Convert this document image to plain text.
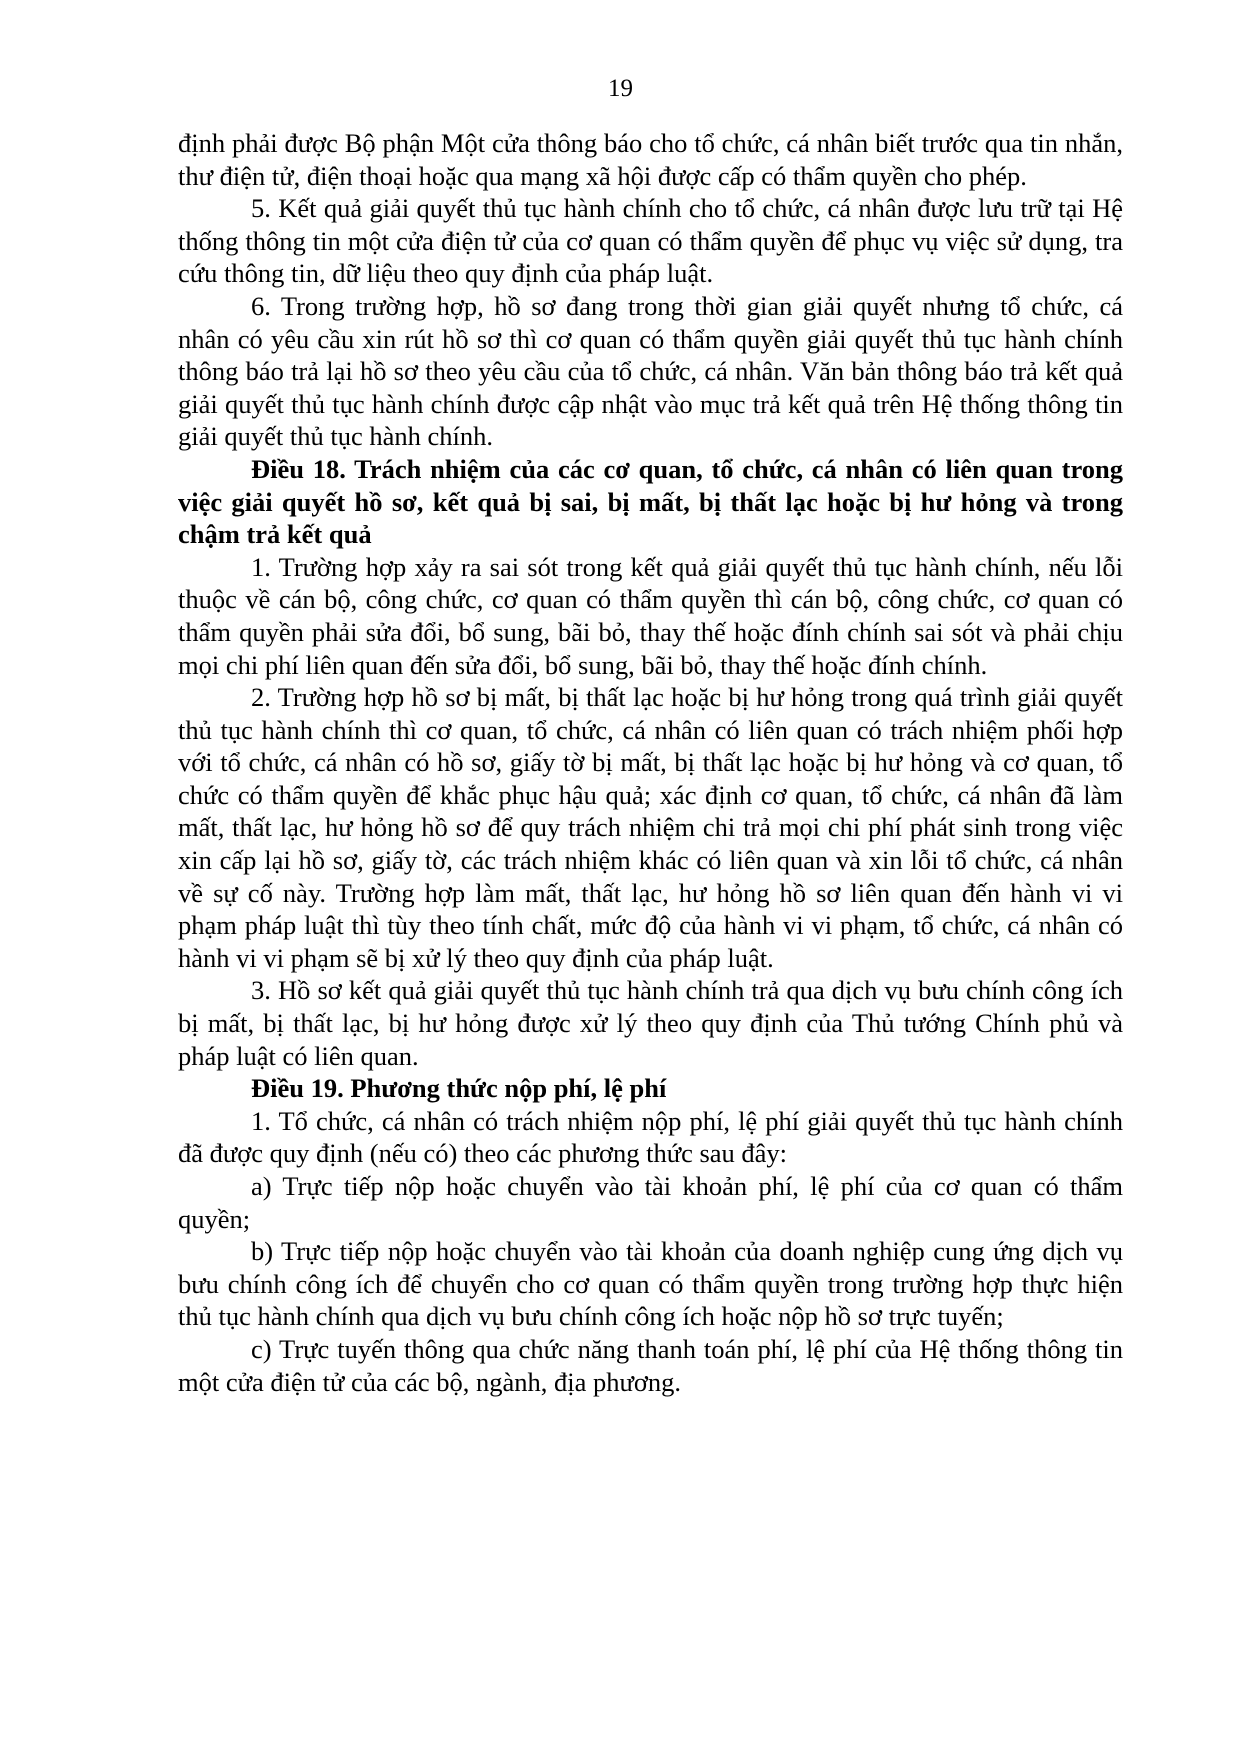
19

định phải được Bộ phận Một cửa thông báo cho tổ chức, cá nhân biết trước qua tin nhắn, thư điện tử, điện thoại hoặc qua mạng xã hội được cấp có thẩm quyền cho phép.

5. Kết quả giải quyết thủ tục hành chính cho tổ chức, cá nhân được lưu trữ tại Hệ thống thông tin một cửa điện tử của cơ quan có thẩm quyền để phục vụ việc sử dụng, tra cứu thông tin, dữ liệu theo quy định của pháp luật.

6. Trong trường hợp, hồ sơ đang trong thời gian giải quyết nhưng tổ chức, cá nhân có yêu cầu xin rút hồ sơ thì cơ quan có thẩm quyền giải quyết thủ tục hành chính thông báo trả lại hồ sơ theo yêu cầu của tổ chức, cá nhân. Văn bản thông báo trả kết quả giải quyết thủ tục hành chính được cập nhật vào mục trả kết quả trên Hệ thống thông tin giải quyết thủ tục hành chính.

Điều 18. Trách nhiệm của các cơ quan, tổ chức, cá nhân có liên quan trong việc giải quyết hồ sơ, kết quả bị sai, bị mất, bị thất lạc hoặc bị hư hỏng và trong chậm trả kết quả

1. Trường hợp xảy ra sai sót trong kết quả giải quyết thủ tục hành chính, nếu lỗi thuộc về cán bộ, công chức, cơ quan có thẩm quyền thì cán bộ, công chức, cơ quan có thẩm quyền phải sửa đổi, bổ sung, bãi bỏ, thay thế hoặc đính chính sai sót và phải chịu mọi chi phí liên quan đến sửa đổi, bổ sung, bãi bỏ, thay thế hoặc đính chính.

2. Trường hợp hồ sơ bị mất, bị thất lạc hoặc bị hư hỏng trong quá trình giải quyết thủ tục hành chính thì cơ quan, tổ chức, cá nhân có liên quan có trách nhiệm phối hợp với tổ chức, cá nhân có hồ sơ, giấy tờ bị mất, bị thất lạc hoặc bị hư hỏng và cơ quan, tổ chức có thẩm quyền để khắc phục hậu quả; xác định cơ quan, tổ chức, cá nhân đã làm mất, thất lạc, hư hỏng hồ sơ để quy trách nhiệm chi trả mọi chi phí phát sinh trong việc xin cấp lại hồ sơ, giấy tờ, các trách nhiệm khác có liên quan và xin lỗi tổ chức, cá nhân về sự cố này. Trường hợp làm mất, thất lạc, hư hỏng hồ sơ liên quan đến hành vi vi phạm pháp luật thì tùy theo tính chất, mức độ của hành vi vi phạm, tổ chức, cá nhân có hành vi vi phạm sẽ bị xử lý theo quy định của pháp luật.

3. Hồ sơ kết quả giải quyết thủ tục hành chính trả qua dịch vụ bưu chính công ích bị mất, bị thất lạc, bị hư hỏng được xử lý theo quy định của Thủ tướng Chính phủ và pháp luật có liên quan.

Điều 19. Phương thức nộp phí, lệ phí

1. Tổ chức, cá nhân có trách nhiệm nộp phí, lệ phí giải quyết thủ tục hành chính đã được quy định (nếu có) theo các phương thức sau đây:

a) Trực tiếp nộp hoặc chuyển vào tài khoản phí, lệ phí của cơ quan có thẩm quyền;

b) Trực tiếp nộp hoặc chuyển vào tài khoản của doanh nghiệp cung ứng dịch vụ bưu chính công ích để chuyển cho cơ quan có thẩm quyền trong trường hợp thực hiện thủ tục hành chính qua dịch vụ bưu chính công ích hoặc nộp hồ sơ trực tuyến;

c) Trực tuyến thông qua chức năng thanh toán phí, lệ phí của Hệ thống thông tin một cửa điện tử của các bộ, ngành, địa phương.
